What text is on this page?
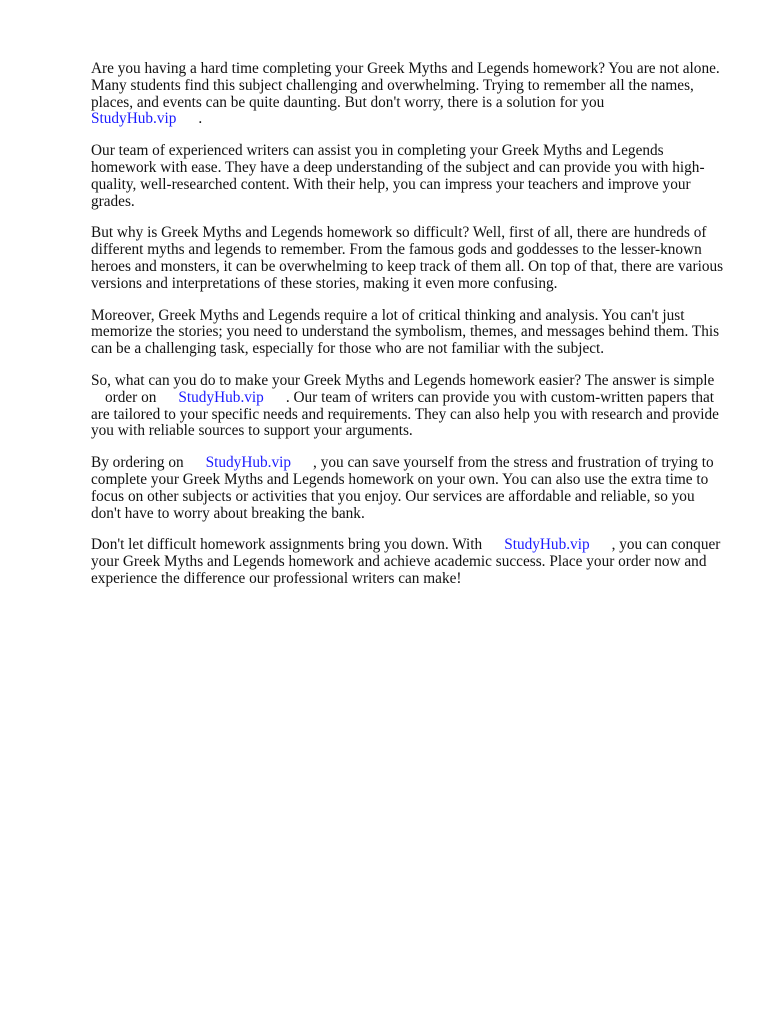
Are you having a hard time completing your Greek Myths and Legends homework? You are not alone. Many students find this subject challenging and overwhelming. Trying to remember all the names, places, and events can be quite daunting. But don't worry, there is a solution for you
StudyHub.vip .

Our team of experienced writers can assist you in completing your Greek Myths and Legends homework with ease. They have a deep understanding of the subject and can provide you with high-quality, well-researched content. With their help, you can impress your teachers and improve your grades.

But why is Greek Myths and Legends homework so difficult? Well, first of all, there are hundreds of different myths and legends to remember. From the famous gods and goddesses to the lesser-known heroes and monsters, it can be overwhelming to keep track of them all. On top of that, there are various versions and interpretations of these stories, making it even more confusing.

Moreover, Greek Myths and Legends require a lot of critical thinking and analysis. You can't just memorize the stories; you need to understand the symbolism, themes, and messages behind them. This can be a challenging task, especially for those who are not familiar with the subject.

So, what can you do to make your Greek Myths and Legends homework easier? The answer is simpleorder on StudyHub.vip . Our team of writers can provide you with custom-written papers that are tailored to your specific needs and requirements. They can also help you with research and provide you with reliable sources to support your arguments.

By ordering on StudyHub.vip , you can save yourself from the stress and frustration of trying to complete your Greek Myths and Legends homework on your own. You can also use the extra time to focus on other subjects or activities that you enjoy. Our services are affordable and reliable, so you don't have to worry about breaking the bank.

Don't let difficult homework assignments bring you down. With StudyHub.vip , you can conquer your Greek Myths and Legends homework and achieve academic success. Place your order now and experience the difference our professional writers can make!
